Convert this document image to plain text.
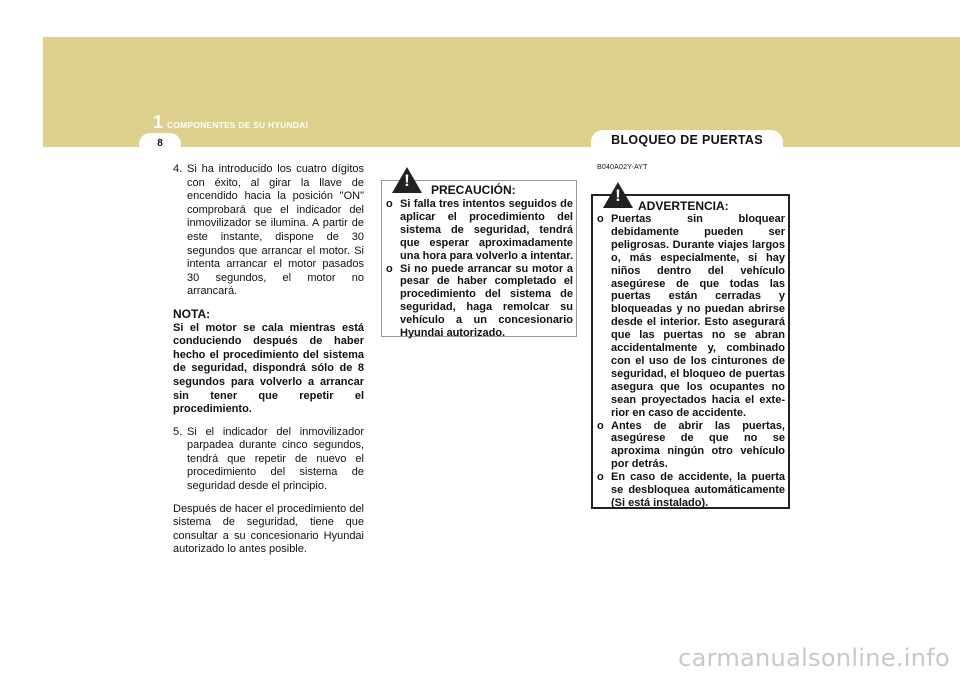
1 COMPONENTES DE SU HYUNDAI
8	BLOQUEO DE PUERTAS
4. Si ha introducido los cuatro dígitos con éxito, al girar la llave de encendido hacia la posición "ON" comprobará que el indicador del inmovilizador se ilumina. A partir de este instante, dispone de 30 segundos que arrancar el motor. Si intenta arrancar el motor pasados 30 segundos, el motor no arrancará.
NOTA:

Si el motor se cala mientras está conduciendo después de haber hecho el procedimiento del sistema de seguridad, dispondrá sólo de 8 segundos para volverlo a arrancar sin tener que repetir el procedimiento.

5. Si el indicador del inmovilizador parpadea durante cinco segundos, tendrá que repetir de nuevo el procedimiento del sistema de seguridad desde el principio.

Después de hacer el procedimiento del sistema de seguridad, tiene que consultar a su concesionario Hyundai autorizado lo antes posible.

!	PRECAUCIÓN:
o Si falla tres intentos seguidos de aplicar el procedimiento del sistema de seguridad, tendrá que esperar aproximadamente una hora para volverlo a intentar.
o Si no puede arrancar su motor a pesar de haber completado el procedimiento del sistema de seguridad, haga remolcar su vehículo a un concesionario Hyundai autorizado.
B040A02Y-AYT
!
ADVERTENCIA:
o Puertas sin bloquear debidamente pueden ser peligrosas. Durante viajes largos o, más especialmente, si hay niños dentro del vehículo asegúrese de que todas las puertas están cerradas y bloqueadas y no puedan abrirse desde el interior. Esto asegurará que las puertas no se abran accidentalmente y, combinado con el uso de los cinturones de seguridad, el bloqueo de puertas asegura que los ocupantes no sean proyectados hacia el exte- rior en caso de accidente.
o Antes de abrir las puertas, asegúrese de que no se aproxima ningún otro vehículo por detrás.
o En caso de accidente, la puerta se desbloquea automáticamente (Si está instalado).
carmanualsonline.info
